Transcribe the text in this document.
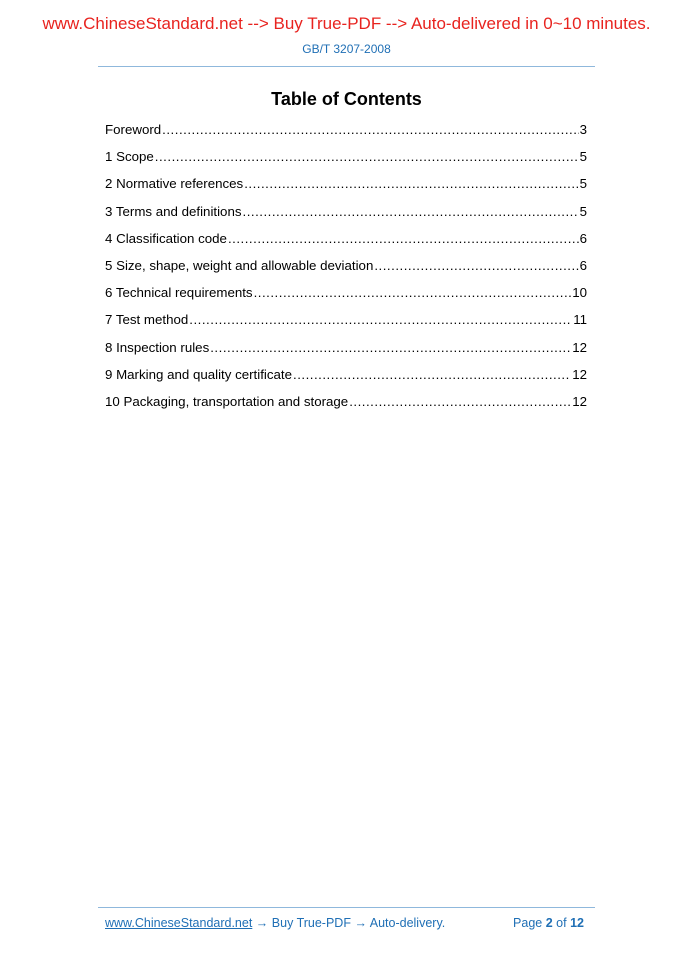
www.ChineseStandard.net --> Buy True-PDF --> Auto-delivered in 0~10 minutes.
GB/T 3207-2008
Table of Contents
Foreword .....	3
1 Scope .....	5
2 Normative references .....	5
3 Terms and definitions .....	5
4 Classification code .....	6
5 Size, shape, weight and allowable deviation .....	6
6 Technical requirements .....	10
7 Test method .....	11
8 Inspection rules .....	12
9 Marking and quality certificate .....	12
10 Packaging, transportation and storage .....	12
www.ChineseStandard.net → Buy True-PDF → Auto-delivery.	Page 2 of 12
